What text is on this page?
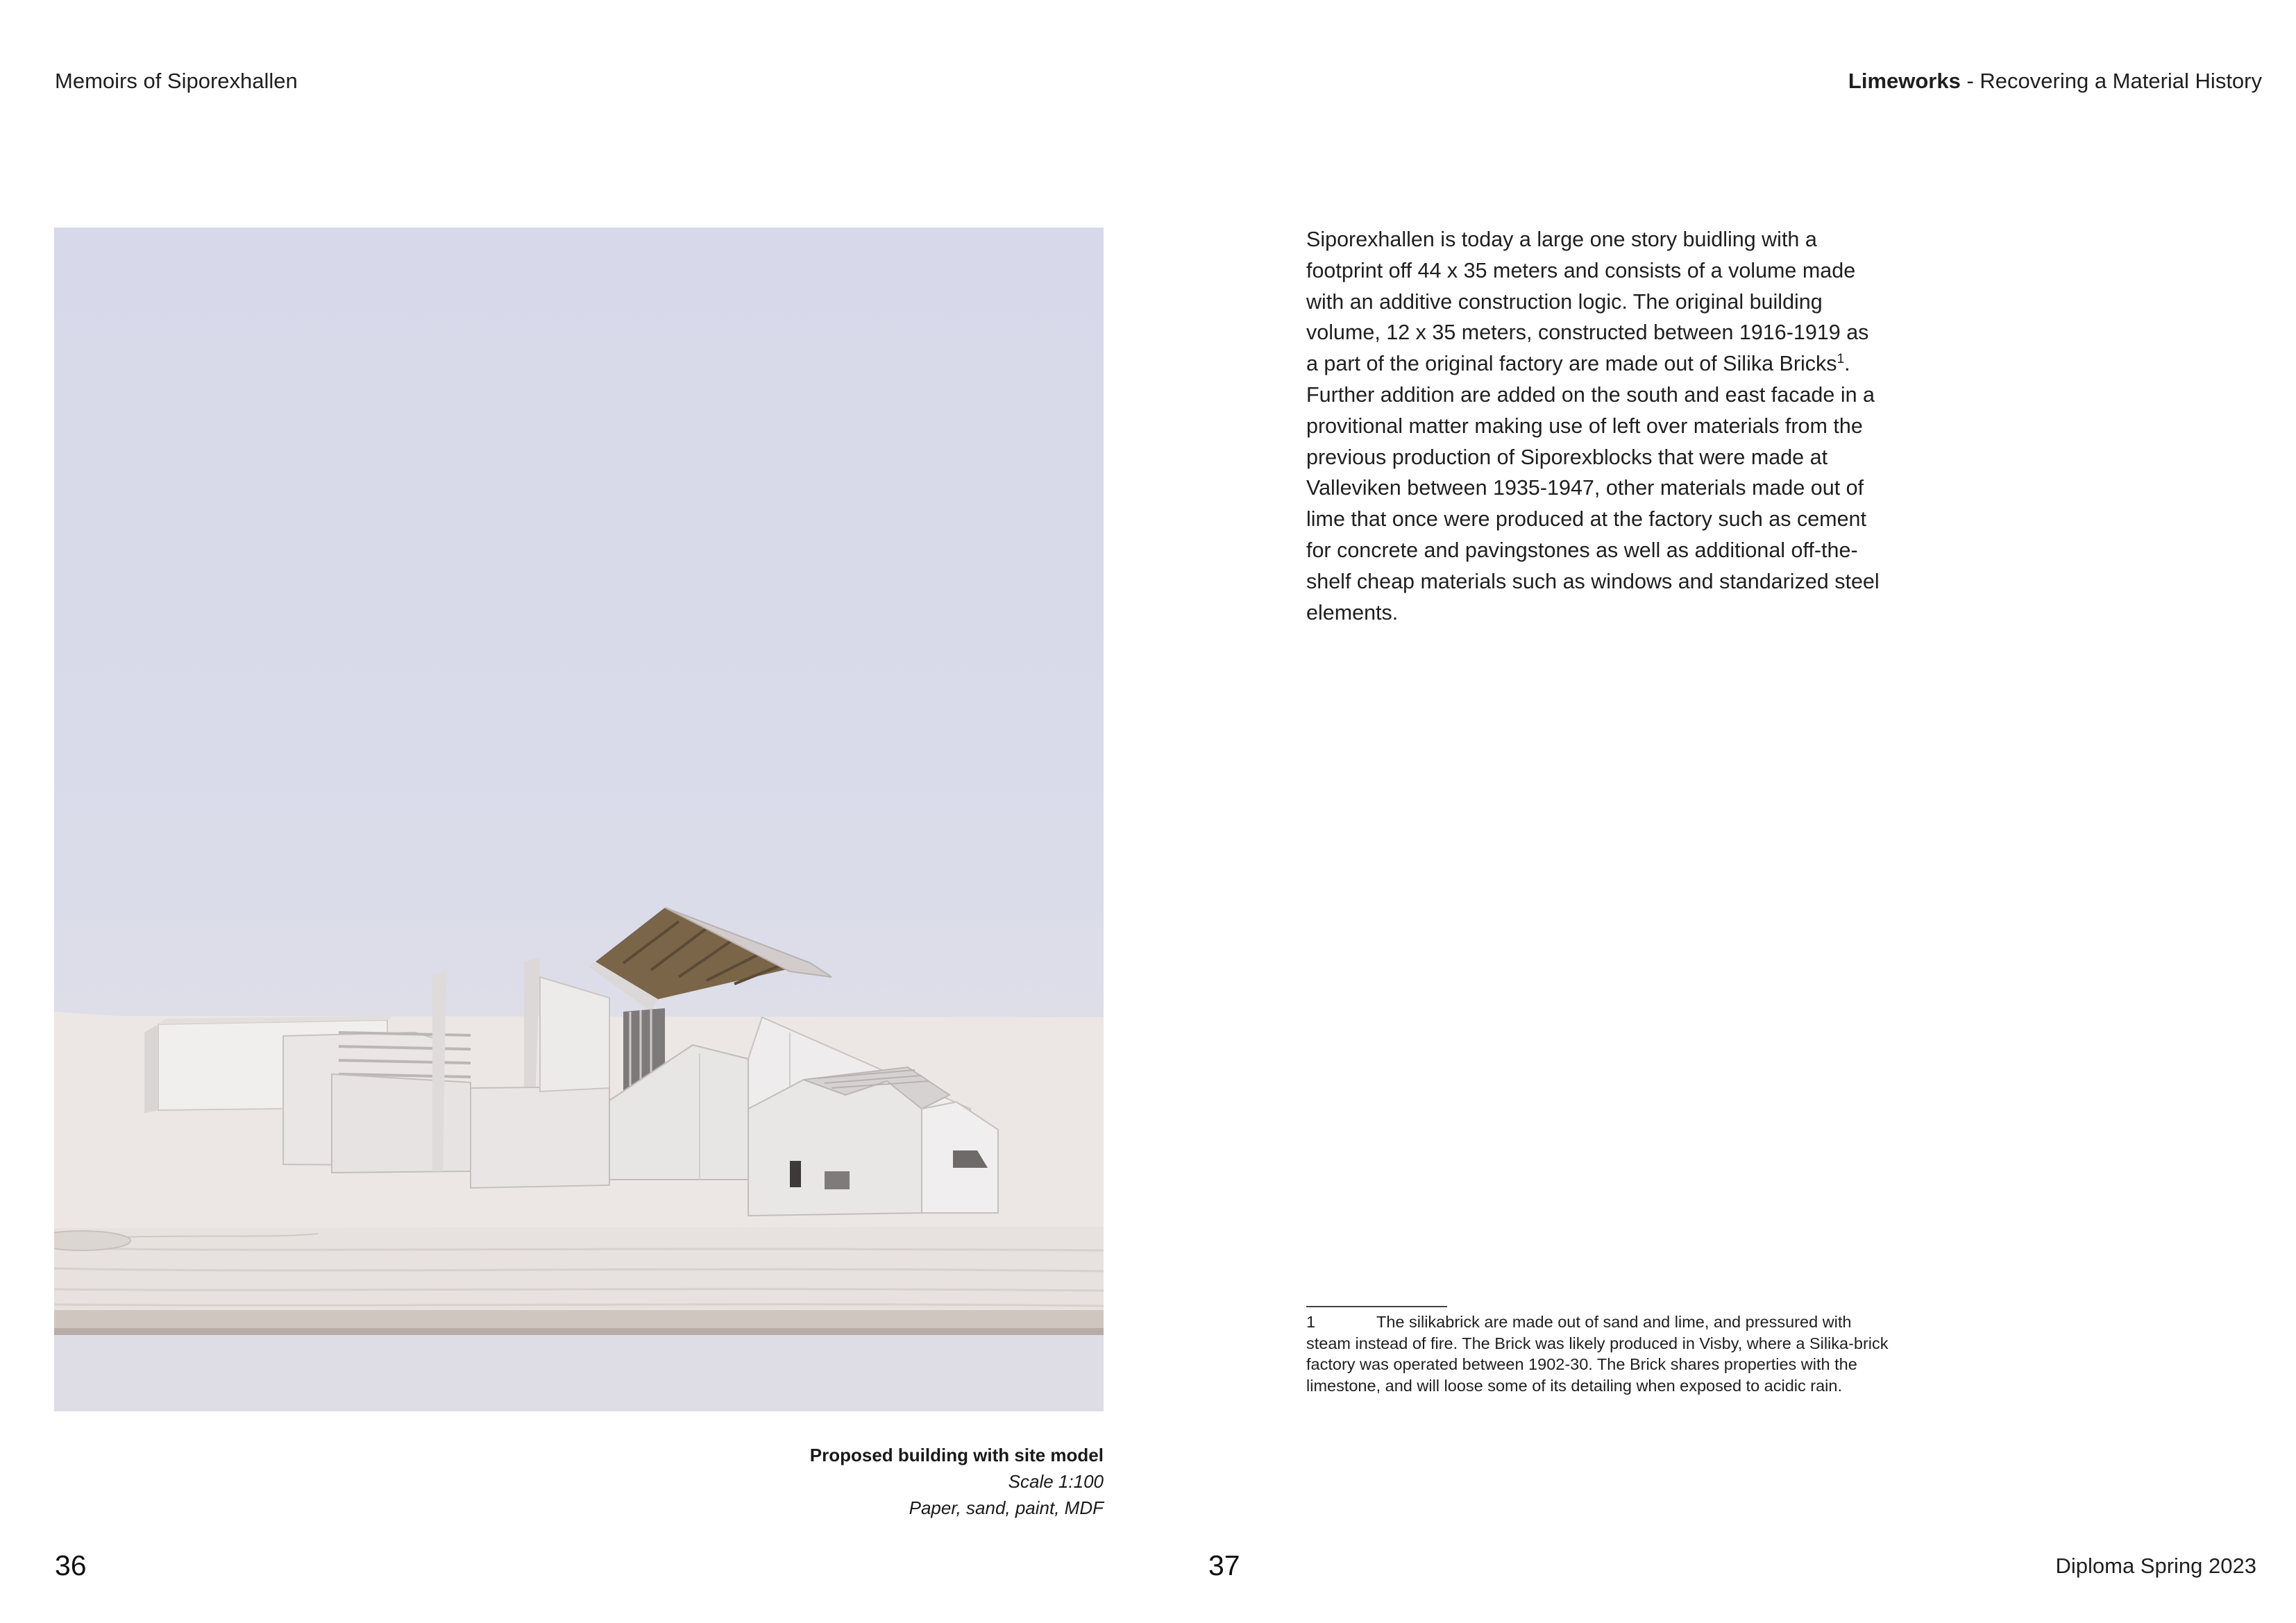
Memoirs of Siporexhallen	Limeworks - Recovering a Material History
Proposed building with site model
Scale 1:100
Paper, sand, paint, MDF
Siporexhallen is today a large one story buidling with a footprint off 44 x 35 meters and consists of a volume made with an additive construction logic. The original building volume, 12 x 35 meters, constructed between 1916-1919 as a part of the original factory are made out of Silika Bricks$^1$. Further addition are added on the south and east facade in a provitional matter making use of left over materials from the previous production of Siporexblocks that were made at Valleviken between 1935-1947, other materials made out of lime that once were produced at the factory such as cement for concrete and pavingstones as well as additional off-the-shelf cheap materials such as windows and standarized steel elements.
1	The silikabrick are made out of sand and lime, and pressured with steam instead of fire. The Brick was likely produced in Visby, where a Silika-brick factory was operated between 1902-30. The Brick shares properties with the limestone, and will loose some of its detailing when exposed to acidic rain.
36	37	Diploma Spring 2023
